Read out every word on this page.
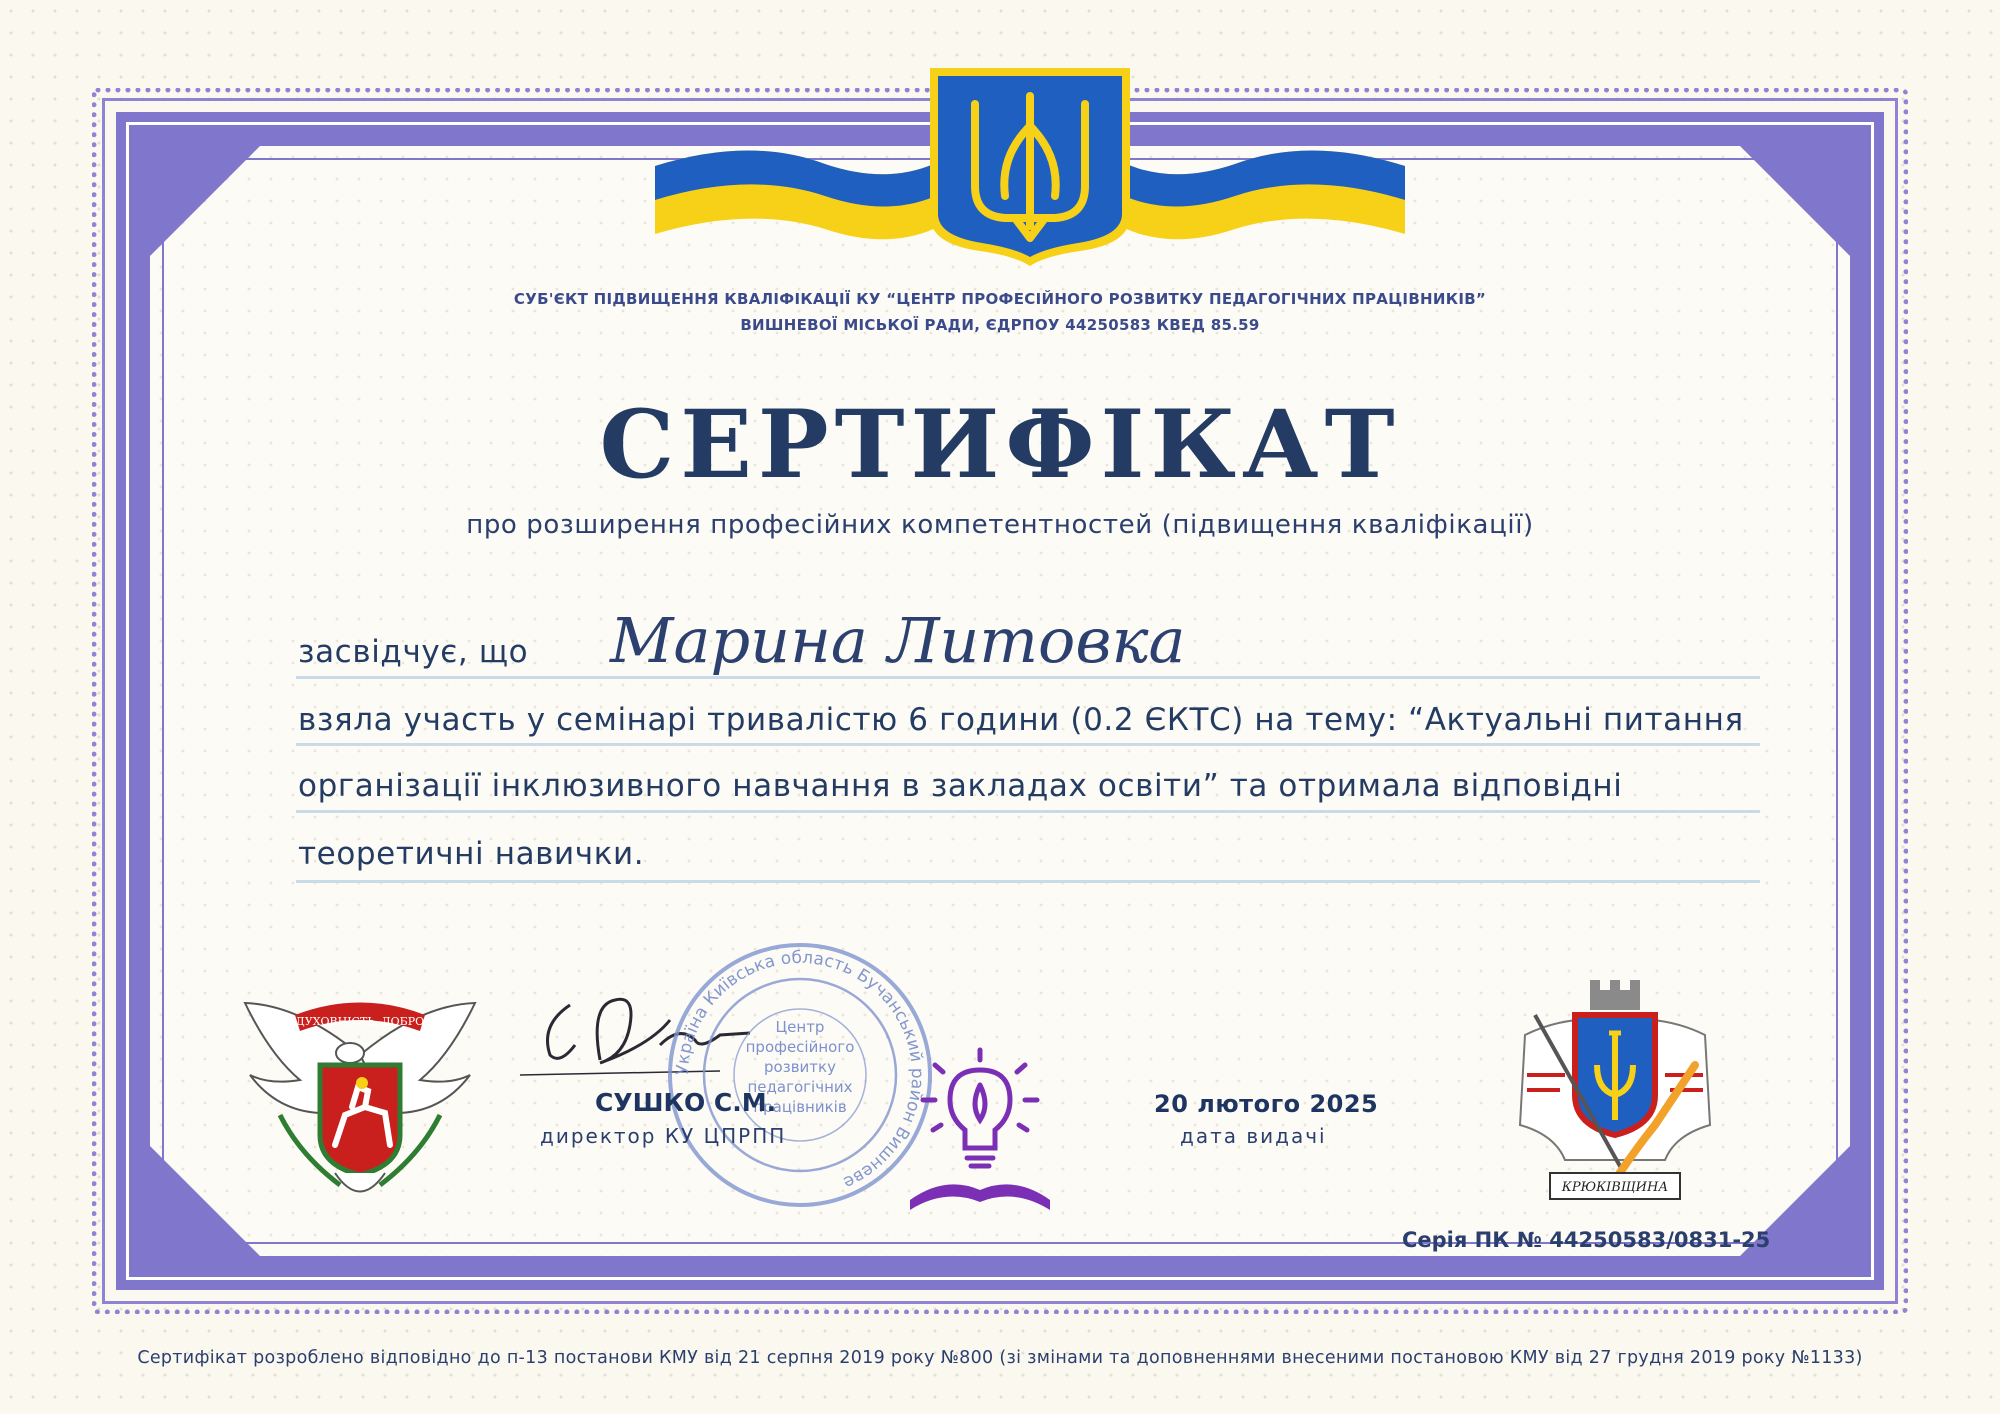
СУБ'ЄКТ ПІДВИЩЕННЯ КВАЛІФІКАЦІЇ КУ “ЦЕНТР ПРОФЕСІЙНОГО РОЗВИТКУ ПЕДАГОГІЧНИХ ПРАЦІВНИКІВ”
ВИШНЕВОЇ МІСЬКОЇ РАДИ, ЄДРПОУ 44250583 КВЕД 85.59
СЕРТИФІКАТ
про розширення професійних компетентностей (підвищення кваліфікації)
засвідчує, що Марина Литовка
взяла участь у семінарі тривалістю 6 години (0.2 ЄКТС) на тему: “Актуальні питання
організації інклюзивного навчання в закладах освіти” та отримала відповідні
теоретичні навички.
ДУХОВНІСТЬ, ДОБРО
Україна Київська область Бучанський район Вишневе
Центр
професійного
розвитку
педагогічних
працівників
СУШКО С.М.
директор КУ ЦПРПП
20 лютого 2025
дата видачі
КРЮКІВЩИНА
Серія ПК № 44250583/0831-25
Сертифікат розроблено відповідно до п-13 постанови КМУ від 21 серпня 2019 року №800 (зі змінами та доповненнями внесеними постановою КМУ від 27 грудня 2019 року №1133)
